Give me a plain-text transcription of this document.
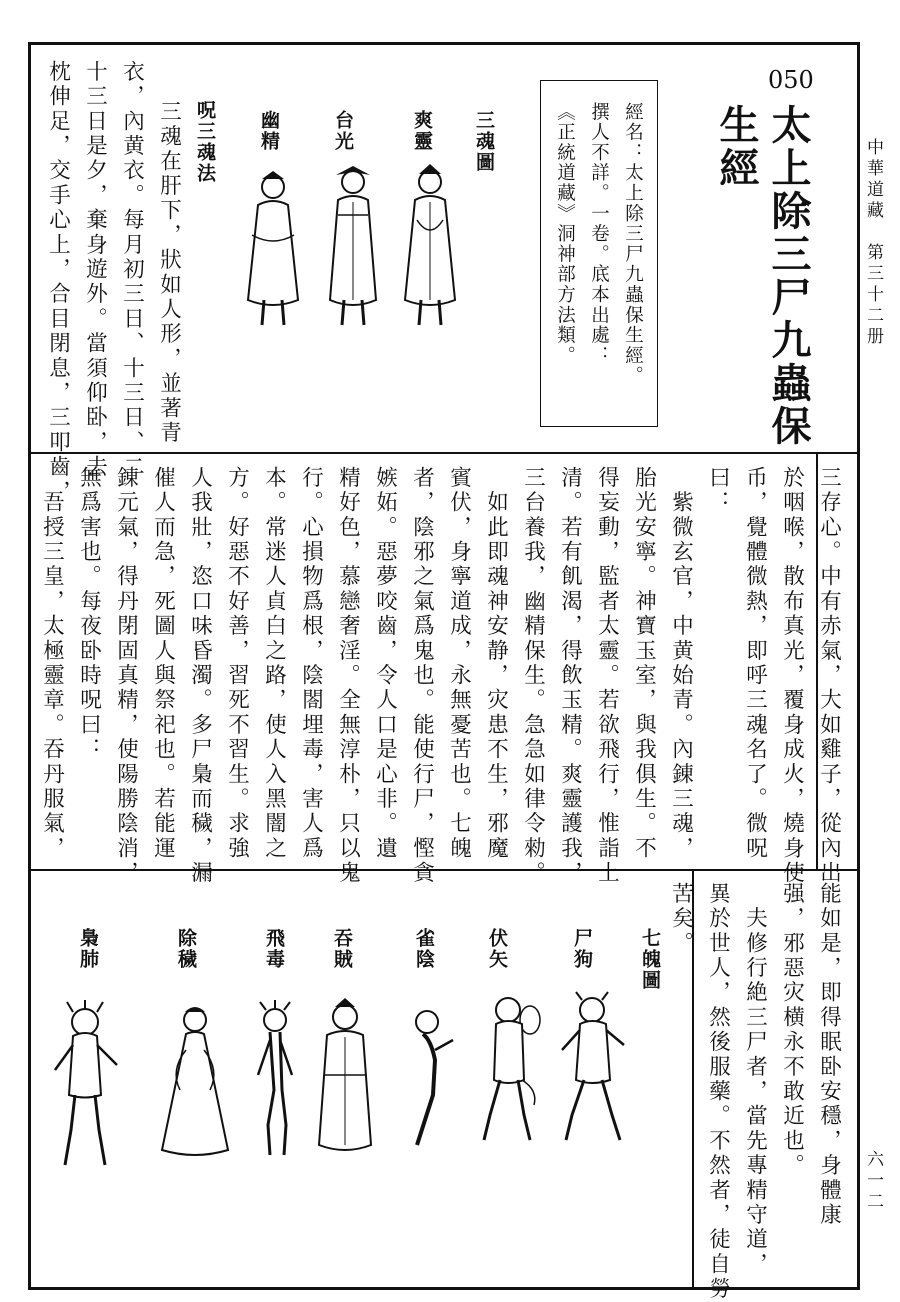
中華道藏　第三十二册
六一二
050
太上除三尸九蟲保
生經
經名：太上除三尸九蟲保生經。
撰人不詳。一卷。底本出處：
《正統道藏》洞神部方法類。
三魂圖
爽靈
台光
幽精
呪三魂法
三魂在肝下，狀如人形，並著青
衣，內黄衣。每月初三日、十三日、二
十三日是夕，棄身遊外。當須仰卧，去
枕伸足，交手心上，合目閉息，三叩齒，
三存心。中有赤氣，大如雞子，從內出
於咽喉，散布真光，覆身成火，燒身使
币，覺體微熱，即呼三魂名了。微呪
曰：
　紫微玄官，中黄始青。內錬三魂，
胎光安寧。神寶玉室，與我俱生。不
得妄動，監者太靈。若欲飛行，惟詣上
清。若有飢渴，得飲玉精。爽靈護我，
三台養我，幽精保生。急急如律令勑。
　如此即魂神安静，灾患不生，邪魔
賓伏，身寧道成，永無憂苦也。七魄
者，陰邪之氣爲鬼也。能使行尸，慳貪
嫉妬。惡夢咬齒，令人口是心非。遺
精好色，慕戀奢淫。全無淳朴，只以鬼
行。心損物爲根，陰閤埋毒，害人爲
本。常迷人貞白之路，使人入黑闇之
方。好惡不好善，習死不習生。求強
人我壯，恣口味昏濁。多尸梟而穢，漏
催人而急，死圖人與祭祀也。若能運
錬元氣，得丹閉固真精，使陽勝陰消，
無爲害也。每夜卧時呪曰：
　吾授三皇，太極靈章。吞丹服氣，
能如是，即得眠卧安穩，身體康
强，邪惡灾横永不敢近也。
　夫修行絶三尸者，當先專精守道，
異於世人，然後服藥。不然者，徒自勞
苦矣。
七魄圖
尸狗
伏矢
雀陰
吞賊
飛毒
除穢
梟肺
